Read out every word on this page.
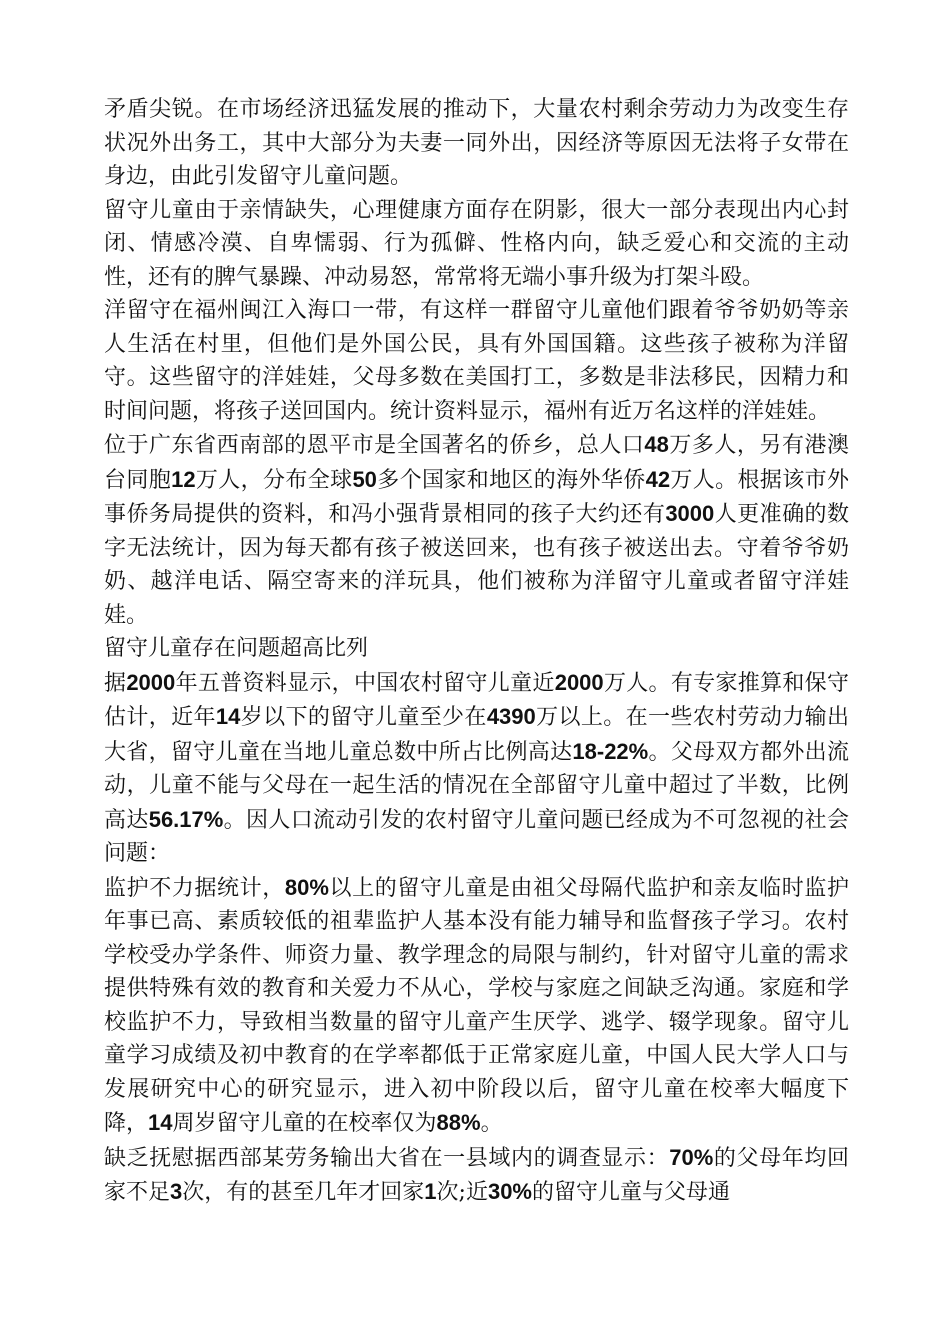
矛盾尖锐。在市场经济迅猛发展的推动下，大量农村剩余劳动力为改变生存状况外出务工，其中大部分为夫妻一同外出，因经济等原因无法将子女带在身边，由此引发留守儿童问题。

留守儿童由于亲情缺失，心理健康方面存在阴影，很大一部分表现出内心封闭、情感冷漠、自卑懦弱、行为孤僻、性格内向，缺乏爱心和交流的主动性，还有的脾气暴躁、冲动易怒，常常将无端小事升级为打架斗殴。

洋留守在福州闽江入海口一带，有这样一群留守儿童他们跟着爷爷奶奶等亲人生活在村里，但他们是外国公民，具有外国国籍。这些孩子被称为洋留守。这些留守的洋娃娃，父母多数在美国打工，多数是非法移民，因精力和时间问题，将孩子送回国内。统计资料显示，福州有近万名这样的洋娃娃。

位于广东省西南部的恩平市是全国著名的侨乡，总人口48万多人，另有港澳台同胞12万人，分布全球50多个国家和地区的海外华侨42万人。根据该市外事侨务局提供的资料，和冯小强背景相同的孩子大约还有3000人更准确的数字无法统计，因为每天都有孩子被送回来，也有孩子被送出去。守着爷爷奶奶、越洋电话、隔空寄来的洋玩具，他们被称为洋留守儿童或者留守洋娃娃。

留守儿童存在问题超高比列

据2000年五普资料显示，中国农村留守儿童近2000万人。有专家推算和保守估计，近年14岁以下的留守儿童至少在4390万以上。在一些农村劳动力输出大省，留守儿童在当地儿童总数中所占比例高达18-22%。父母双方都外出流动，儿童不能与父母在一起生活的情况在全部留守儿童中超过了半数，比例高达56.17%。因人口流动引发的农村留守儿童问题已经成为不可忽视的社会问题：

监护不力据统计，80%以上的留守儿童是由祖父母隔代监护和亲友临时监护年事已高、素质较低的祖辈监护人基本没有能力辅导和监督孩子学习。农村学校受办学条件、师资力量、教学理念的局限与制约，针对留守儿童的需求提供特殊有效的教育和关爱力不从心，学校与家庭之间缺乏沟通。家庭和学校监护不力，导致相当数量的留守儿童产生厌学、逃学、辍学现象。留守儿童学习成绩及初中教育的在学率都低于正常家庭儿童，中国人民大学人口与发展研究中心的研究显示，进入初中阶段以后，留守儿童在校率大幅度下降，14周岁留守儿童的在校率仅为88%。

缺乏抚慰据西部某劳务输出大省在一县域内的调查显示：70%的父母年均回家不足3次，有的甚至几年才回家1次;近30%的留守儿童与父母通
